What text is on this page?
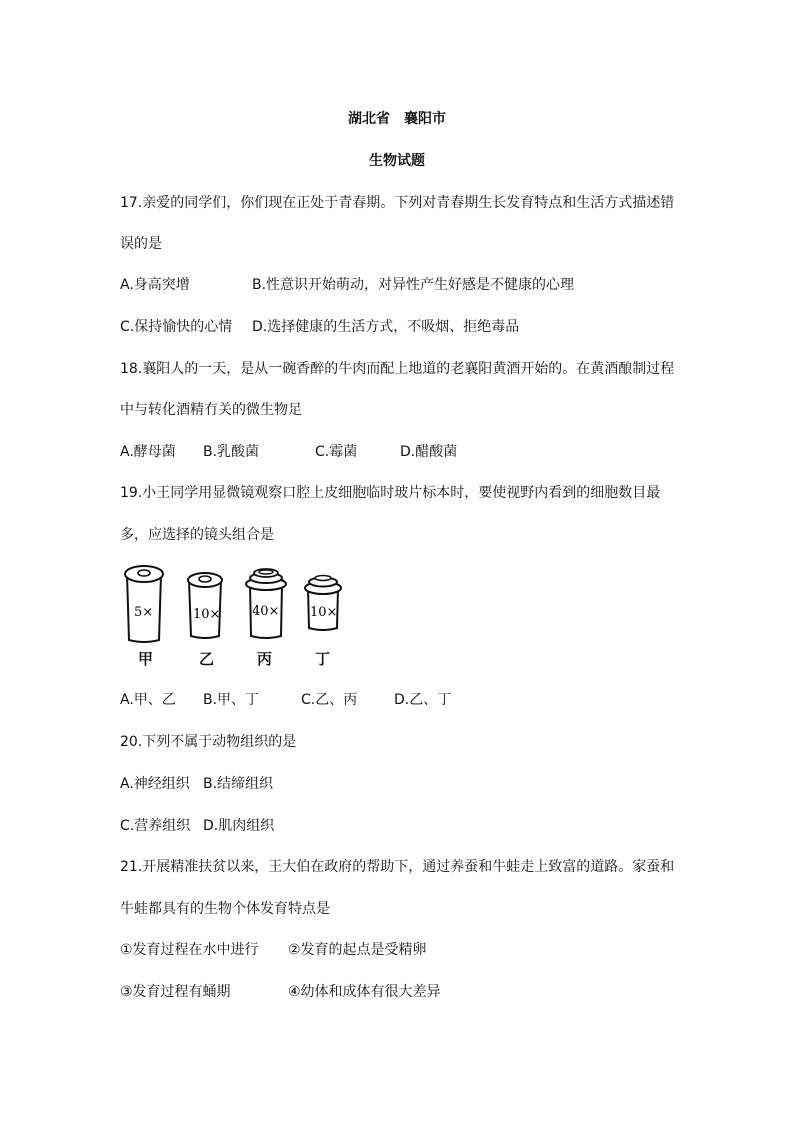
湖北省　襄阳市
生物试题
17.亲爱的同学们，你们现在正处于青春期。下列对青春期生长发育特点和生活方式描述错
误的是
A.身高突增	B.性意识开始萌动，对异性产生好感是不健康的心理
C.保持愉快的心情 D.选择健康的生活方式，不吸烟、拒绝毒品
18.襄阳人的一天，是从一碗香醉的牛肉而配上地道的老襄阳黄酒开始的。在黄酒酿制过程
中与转化酒精冇关的微生物足
A.酵母菌 B.乳酸菌	C.霉菌	D.醋酸菌
19.小王同学用显微镜观察口腔上皮细胞临时玻片标本时，要使视野内看到的细胞数目最
多，应选择的镜头组合是
5×	10× 40× 10×
甲	乙	丙	丁
A.甲、乙 B.甲、丁	C.乙、丙	D.乙、丁
20.下列不属于动物组织的是
A.神经组织 B.结缔组织
C.营养组织 D.肌肉组织
21.开展精准扶贫以来，王大伯在政府的帮助下，通过养蚕和牛蛙走上致富的道路。家蚕和
牛蛙都具有的生物个体发育特点是
①发育过程在水中进行 ②发育的起点是受精卵
③发育过程有蛹期	④幼体和成体有很大差异
